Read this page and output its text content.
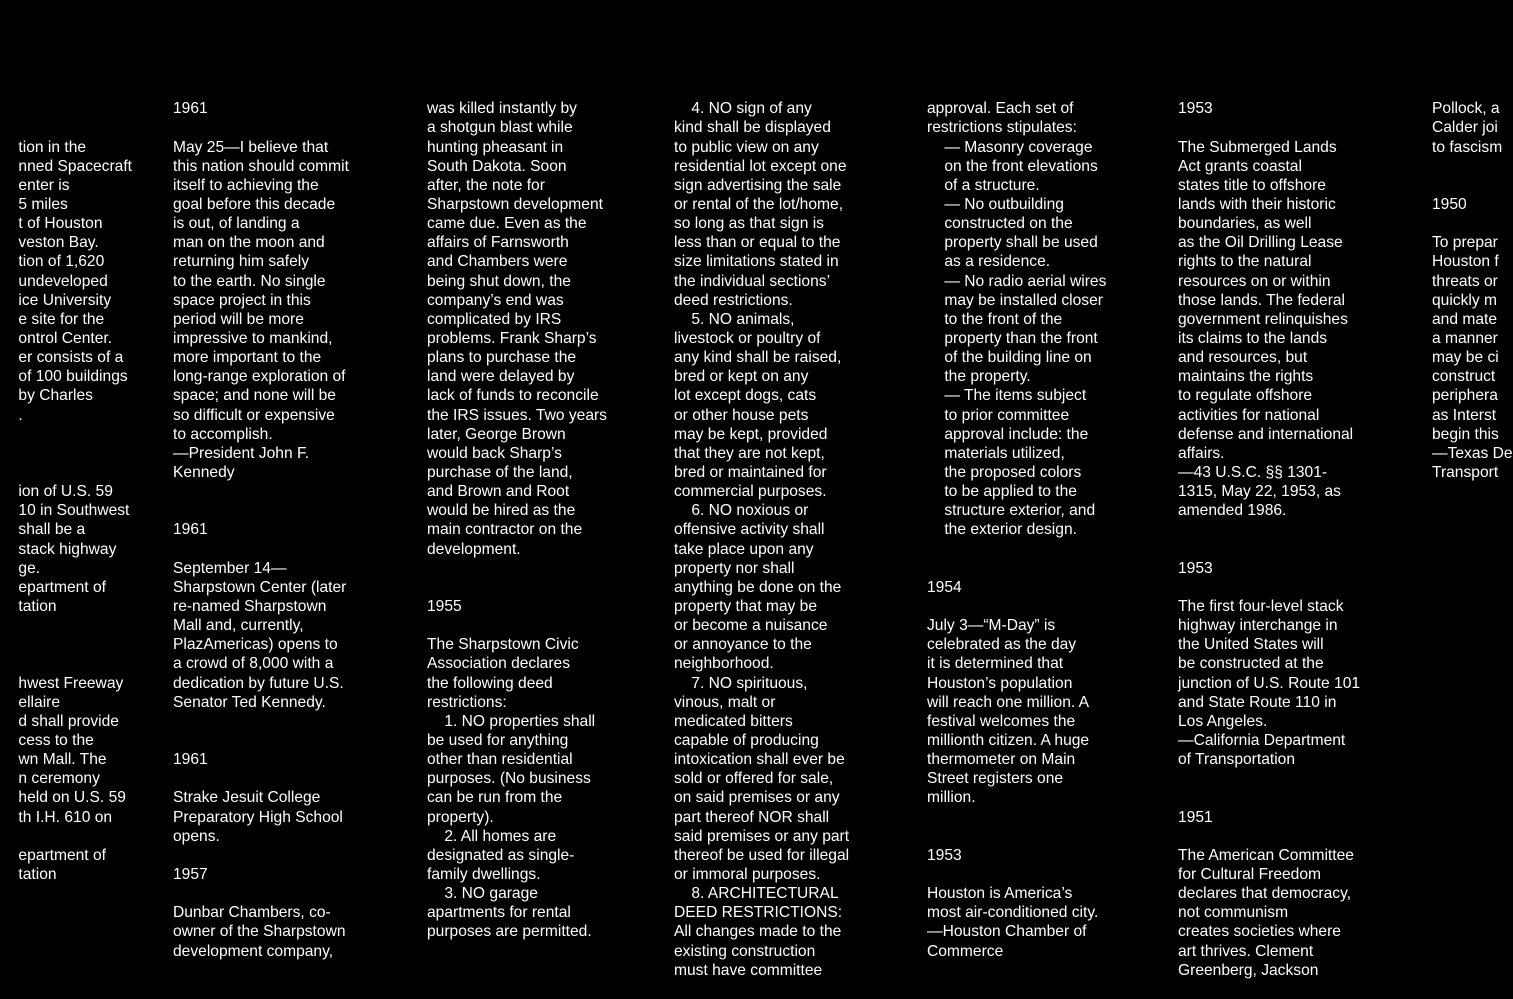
tion in the
nned Spacecraft
enter is
5 miles
t of Houston
veston Bay.
tion of 1,620
undeveloped
ice University
e site for the
ontrol Center.
er consists of a
of 100 buildings
by Charles
.
ion of U.S. 59
10 in Southwest
shall be a
stack highway
ge.
epartment of
tation
hwest Freeway
ellaire
d shall provide
cess to the
wn Mall. The
n ceremony
held on U.S. 59
th I.H. 610 on
epartment of
tation

1961
May 25—I believe that
this nation should commit
itself to achieving the
goal before this decade
is out, of landing a
man on the moon and
returning him safely
to the earth. No single
space project in this
period will be more
impressive to mankind,
more important to the
long-range exploration of
space; and none will be
so difficult or expensive
to accomplish.
—President John F.
Kennedy
1961
September 14—
Sharpstown Center (later
re-named Sharpstown
Mall and, currently,
PlazAmericas) opens to
a crowd of 8,000 with a
dedication by future U.S.
Senator Ted Kennedy.
1961
Strake Jesuit College
Preparatory High School
opens.
1957
Dunbar Chambers, co-
owner of the Sharpstown
development company,

was killed instantly by
a shotgun blast while
hunting pheasant in
South Dakota. Soon
after, the note for
Sharpstown development
came due. Even as the
affairs of Farnsworth
and Chambers were
being shut down, the
company’s end was
complicated by IRS
problems. Frank Sharp’s
plans to purchase the
land were delayed by
lack of funds to reconcile
the IRS issues. Two years
later, George Brown
would back Sharp’s
purchase of the land,
and Brown and Root
would be hired as the
main contractor on the
development.
1955
The Sharpstown Civic
Association declares
the following deed
restrictions:
1. NO properties shall
be used for anything
other than residential
purposes. (No business
can be run from the
property).
2. All homes are
designated as single-
family dwellings.
3. NO garage
apartments for rental
purposes are permitted.

4. NO sign of any
kind shall be displayed
to public view on any
residential lot except one
sign advertising the sale
or rental of the lot/home,
so long as that sign is
less than or equal to the
size limitations stated in
the individual sections’
deed restrictions.
5. NO animals,
livestock or poultry of
any kind shall be raised,
bred or kept on any
lot except dogs, cats
or other house pets
may be kept, provided
that they are not kept,
bred or maintained for
commercial purposes.
6. NO noxious or
offensive activity shall
take place upon any
property nor shall
anything be done on the
property that may be
or become a nuisance
or annoyance to the
neighborhood.
7. NO spirituous,
vinous, malt or
medicated bitters
capable of producing
intoxication shall ever be
sold or offered for sale,
on said premises or any
part thereof NOR shall
said premises or any part
thereof be used for illegal
or immoral purposes.
8. ARCHITECTURAL
DEED RESTRICTIONS:
All changes made to the
existing construction
must have committee

approval. Each set of
restrictions stipulates:
— Masonry coverage
on the front elevations
of a structure.
— No outbuilding
constructed on the
property shall be used
as a residence.
— No radio aerial wires
may be installed closer
to the front of the
property than the front
of the building line on
the property.
— The items subject
to prior committee
approval include: the
materials utilized,
the proposed colors
to be applied to the
structure exterior, and
the exterior design.
1954
July 3—“M-Day” is
celebrated as the day
it is determined that
Houston’s population
will reach one million. A
festival welcomes the
millionth citizen. A huge
thermometer on Main
Street registers one
million.
1953
Houston is America’s
most air-conditioned city.
—Houston Chamber of
Commerce

1953
The Submerged Lands
Act grants coastal
states title to offshore
lands with their historic
boundaries, as well
as the Oil Drilling Lease
rights to the natural
resources on or within
those lands. The federal
government relinquishes
its claims to the lands
and resources, but
maintains the rights
to regulate offshore
activities for national
defense and international
affairs.
—43 U.S.C. §§ 1301-
1315, May 22, 1953, as
amended 1986.
1953
The first four-level stack
highway interchange in
the United States will
be constructed at the
junction of U.S. Route 101
and State Route 110 in
Los Angeles.
—California Department
of Transportation
1951
The American Committee
for Cultural Freedom
declares that democracy,
not communism
creates societies where
art thrives. Clement
Greenberg, Jackson

Pollock, a
Calder joi
to fascism
1950
To prepar
Houston f
threats or
quickly m
and mate
a manner
may be ci
construct
periphera
as Interst
begin this
—Texas De
Transport
